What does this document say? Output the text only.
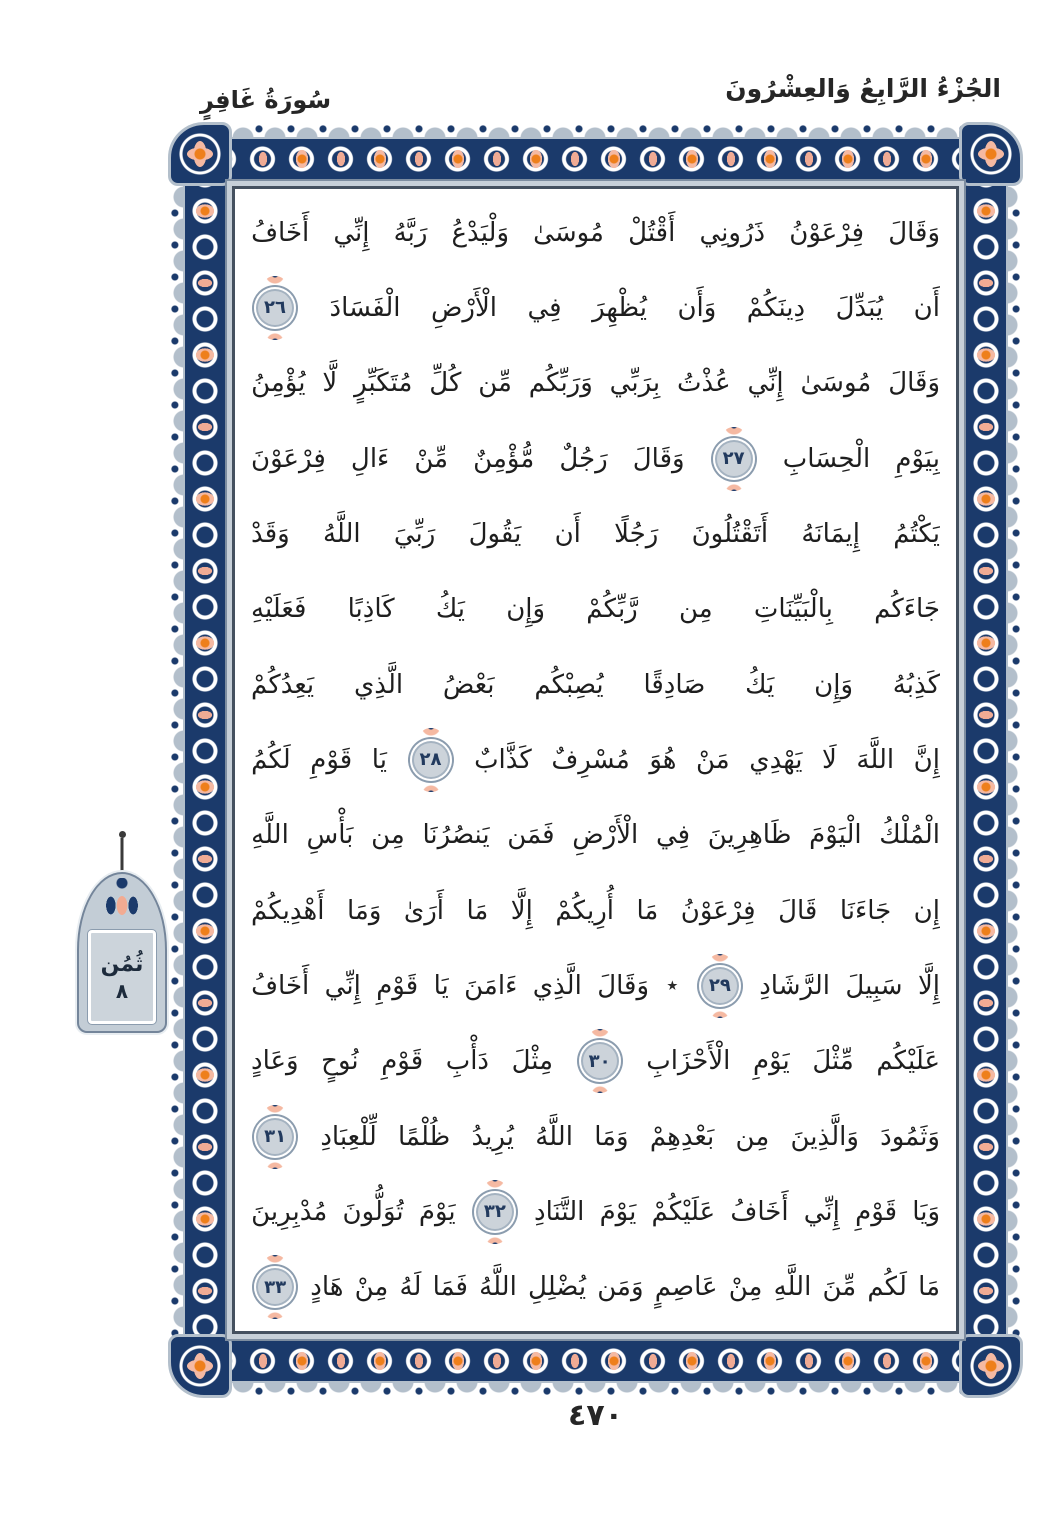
الجُزْءُ الرَّابِعُ وَالعِشْرُونَ
سُورَةُ غَافِرٍ
وَقَالَ
فِرْعَوْنُ
ذَرُونِي
أَقْتُلْ
مُوسَىٰ
وَلْيَدْعُ
رَبَّهُ
إِنِّي
أَخَافُ
أَن
يُبَدِّلَ
دِينَكُمْ
وَأَن
يُظْهِرَ
فِي
الْأَرْضِ
الْفَسَادَ
٢٦
وَقَالَ
مُوسَىٰ
إِنِّي
عُذْتُ
بِرَبِّي
وَرَبِّكُم
مِّن
كُلِّ
مُتَكَبِّرٍ
لَّا
يُؤْمِنُ
بِيَوْمِ
الْحِسَابِ
٢٧
وَقَالَ
رَجُلٌ
مُّؤْمِنٌ
مِّنْ
ءَالِ
فِرْعَوْنَ
يَكْتُمُ
إِيمَانَهُ
أَتَقْتُلُونَ
رَجُلًا
أَن
يَقُولَ
رَبِّيَ
اللَّهُ
وَقَدْ
جَاءَكُم
بِالْبَيِّنَاتِ
مِن
رَّبِّكُمْ
وَإِن
يَكُ
كَاذِبًا
فَعَلَيْهِ
كَذِبُهُ
وَإِن
يَكُ
صَادِقًا
يُصِبْكُم
بَعْضُ
الَّذِي
يَعِدُكُمْ
إِنَّ
اللَّهَ
لَا
يَهْدِي
مَنْ
هُوَ
مُسْرِفٌ
كَذَّابٌ
٢٨
يَا
قَوْمِ
لَكُمُ
الْمُلْكُ
الْيَوْمَ
ظَاهِرِينَ
فِي
الْأَرْضِ
فَمَن
يَنصُرُنَا
مِن
بَأْسِ
اللَّهِ
إِن
جَاءَنَا
قَالَ
فِرْعَوْنُ
مَا
أُرِيكُمْ
إِلَّا
مَا
أَرَىٰ
وَمَا
أَهْدِيكُمْ
إِلَّا
سَبِيلَ
الرَّشَادِ
٢٩
٭
وَقَالَ
الَّذِي
ءَامَنَ
يَا
قَوْمِ
إِنِّي
أَخَافُ
عَلَيْكُم
مِّثْلَ
يَوْمِ
الْأَحْزَابِ
٣٠
مِثْلَ
دَأْبِ
قَوْمِ
نُوحٍ
وَعَادٍ
وَثَمُودَ
وَالَّذِينَ
مِن
بَعْدِهِمْ
وَمَا
اللَّهُ
يُرِيدُ
ظُلْمًا
لِّلْعِبَادِ
٣١
وَيَا
قَوْمِ
إِنِّي
أَخَافُ
عَلَيْكُمْ
يَوْمَ
التَّنَادِ
٣٢
يَوْمَ
تُوَلُّونَ
مُدْبِرِينَ
مَا
لَكُم
مِّنَ
اللَّهِ
مِنْ
عَاصِمٍ
وَمَن
يُضْلِلِ
اللَّهُ
فَمَا
لَهُ
مِنْ
هَادٍ
٣٣
ثُمُن
٨
٤٧٠
